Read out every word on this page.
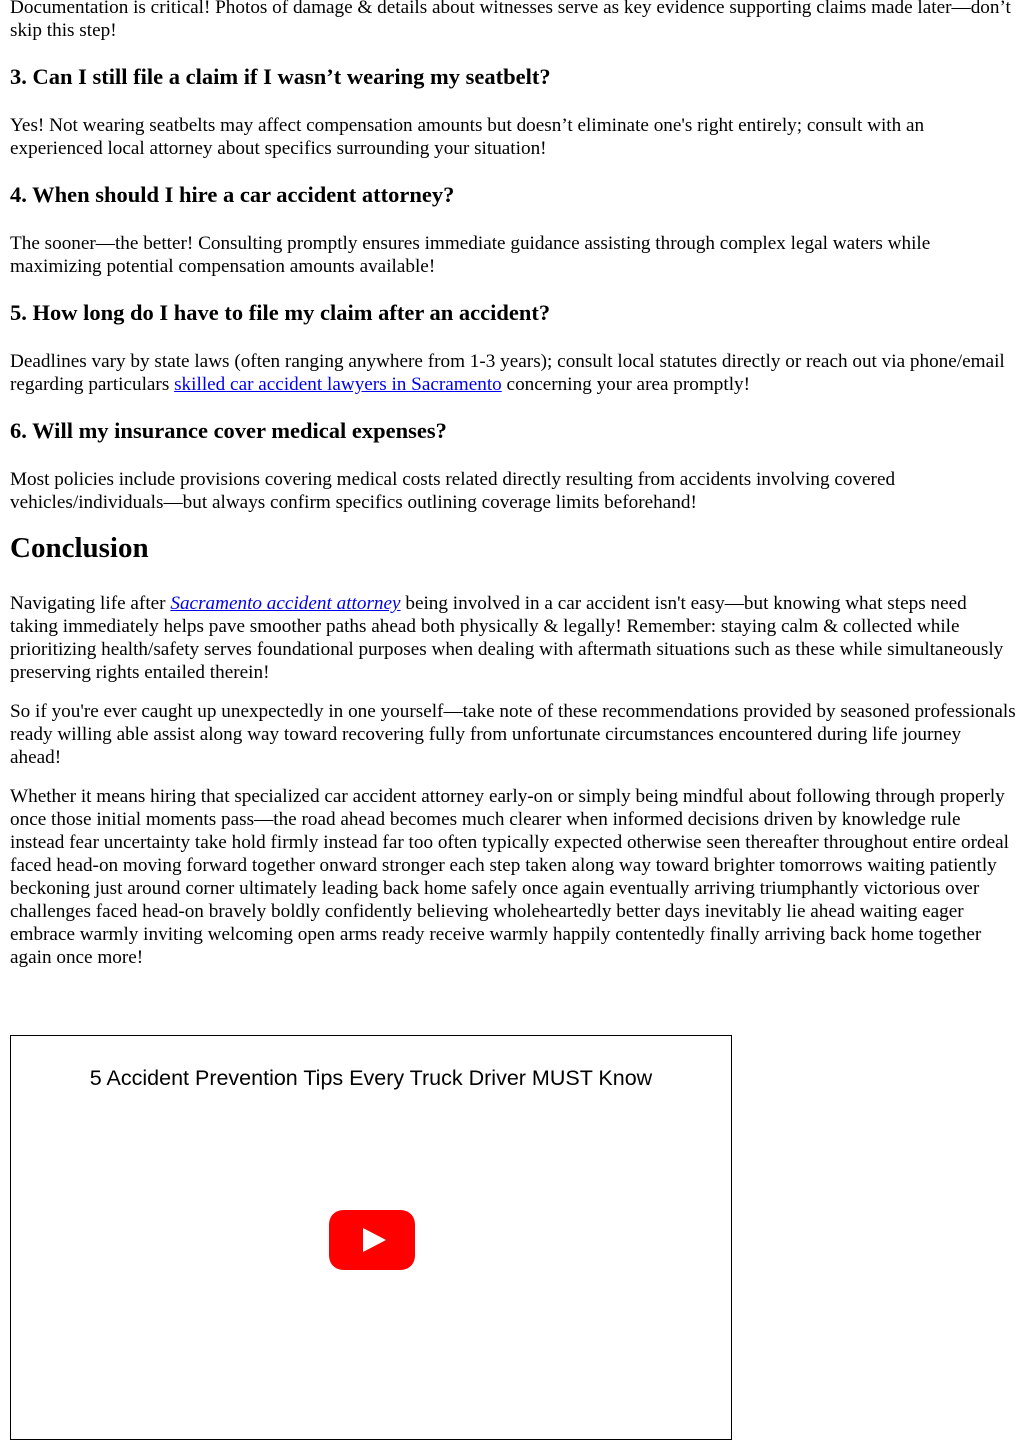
Documentation is critical! Photos of damage & details about witnesses serve as key evidence supporting claims made later—don’t skip this step!

3. Can I still file a claim if I wasn’t wearing my seatbelt?

Yes! Not wearing seatbelts may affect compensation amounts but doesn’t eliminate one's right entirely; consult with an experienced local attorney about specifics surrounding your situation!

4. When should I hire a car accident attorney?

The sooner—the better! Consulting promptly ensures immediate guidance assisting through complex legal waters while maximizing potential compensation amounts available!

5. How long do I have to file my claim after an accident?

Deadlines vary by state laws (often ranging anywhere from 1-3 years); consult local statutes directly or reach out via phone/email regarding particulars skilled car accident lawyers in Sacramento concerning your area promptly!

6. Will my insurance cover medical expenses?

Most policies include provisions covering medical costs related directly resulting from accidents involving covered vehicles/individuals—but always confirm specifics outlining coverage limits beforehand!

Conclusion

Navigating life after Sacramento accident attorney being involved in a car accident isn't easy—but knowing what steps need taking immediately helps pave smoother paths ahead both physically & legally! Remember: staying calm & collected while prioritizing health/safety serves foundational purposes when dealing with aftermath situations such as these while simultaneously preserving rights entailed therein!

So if you're ever caught up unexpectedly in one yourself—take note of these recommendations provided by seasoned professionals ready willing able assist along way toward recovering fully from unfortunate circumstances encountered during life journey ahead!

Whether it means hiring that specialized car accident attorney early-on or simply being mindful about following through properly once those initial moments pass—the road ahead becomes much clearer when informed decisions driven by knowledge rule instead fear uncertainty take hold firmly instead far too often typically expected otherwise seen thereafter throughout entire ordeal faced head-on moving forward together onward stronger each step taken along way toward brighter tomorrows waiting patiently beckoning just around corner ultimately leading back home safely once again eventually arriving triumphantly victorious over challenges faced head-on bravely boldly confidently believing wholeheartedly better days inevitably lie ahead waiting eager embrace warmly inviting welcoming open arms ready receive warmly happily contentedly finally arriving back home together again once more!

5 Accident Prevention Tips Every Truck Driver MUST Know
